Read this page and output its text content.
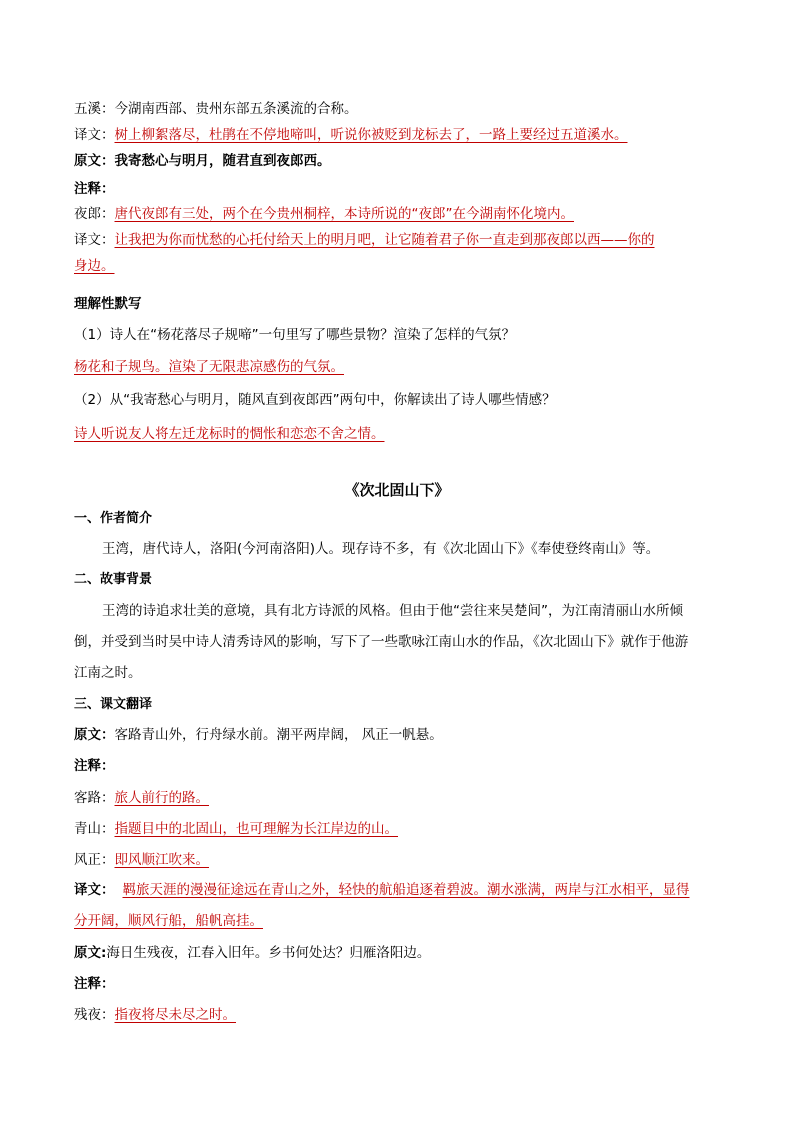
五溪：今湖南西部、贵州东部五条溪流的合称。
译文：树上柳絮落尽，杜鹃在不停地啼叫，听说你被贬到龙标去了，一路上要经过五道溪水。
原文：我寄愁心与明月，随君直到夜郎西。
注释：
夜郎：唐代夜郎有三处，两个在今贵州桐梓，本诗所说的“夜郎”在今湖南怀化境内。
译文：让我把为你而忧愁的心托付给天上的明月吧，让它随着君子你一直走到那夜郎以西——你的
身边。
理解性默写
（1）诗人在“杨花落尽子规啼”一句里写了哪些景物？渲染了怎样的气氛？
杨花和子规鸟。渲染了无限悲凉感伤的气氛。
（2）从“我寄愁心与明月，随风直到夜郎西”两句中，你解读出了诗人哪些情感？
诗人听说友人将左迁龙标时的惆怅和恋恋不舍之情。
《次北固山下》
一、作者简介
王湾，唐代诗人，洛阳(今河南洛阳)人。现存诗不多，有《次北固山下》《奉使登终南山》等。
二、故事背景
王湾的诗追求壮美的意境，具有北方诗派的风格。但由于他“尝往来吴楚间”，为江南清丽山水所倾
倒，并受到当时吴中诗人清秀诗风的影响，写下了一些歌咏江南山水的作品，《次北固山下》就作于他游
江南之时。
三、课文翻译
原文：客路青山外，行舟绿水前。潮平两岸阔， 风正一帆悬。
注释：
客路：旅人前行的路。
青山：指题目中的北固山，也可理解为长江岸边的山。
风正：即风顺江吹来。
译文： 羁旅天涯的漫漫征途远在青山之外，轻快的航船追逐着碧波。潮水涨满，两岸与江水相平，显得
分开阔，顺风行船，船帆高挂。
原文:海日生残夜，江春入旧年。乡书何处达？归雁洛阳边。
注释：
残夜：指夜将尽未尽之时。
